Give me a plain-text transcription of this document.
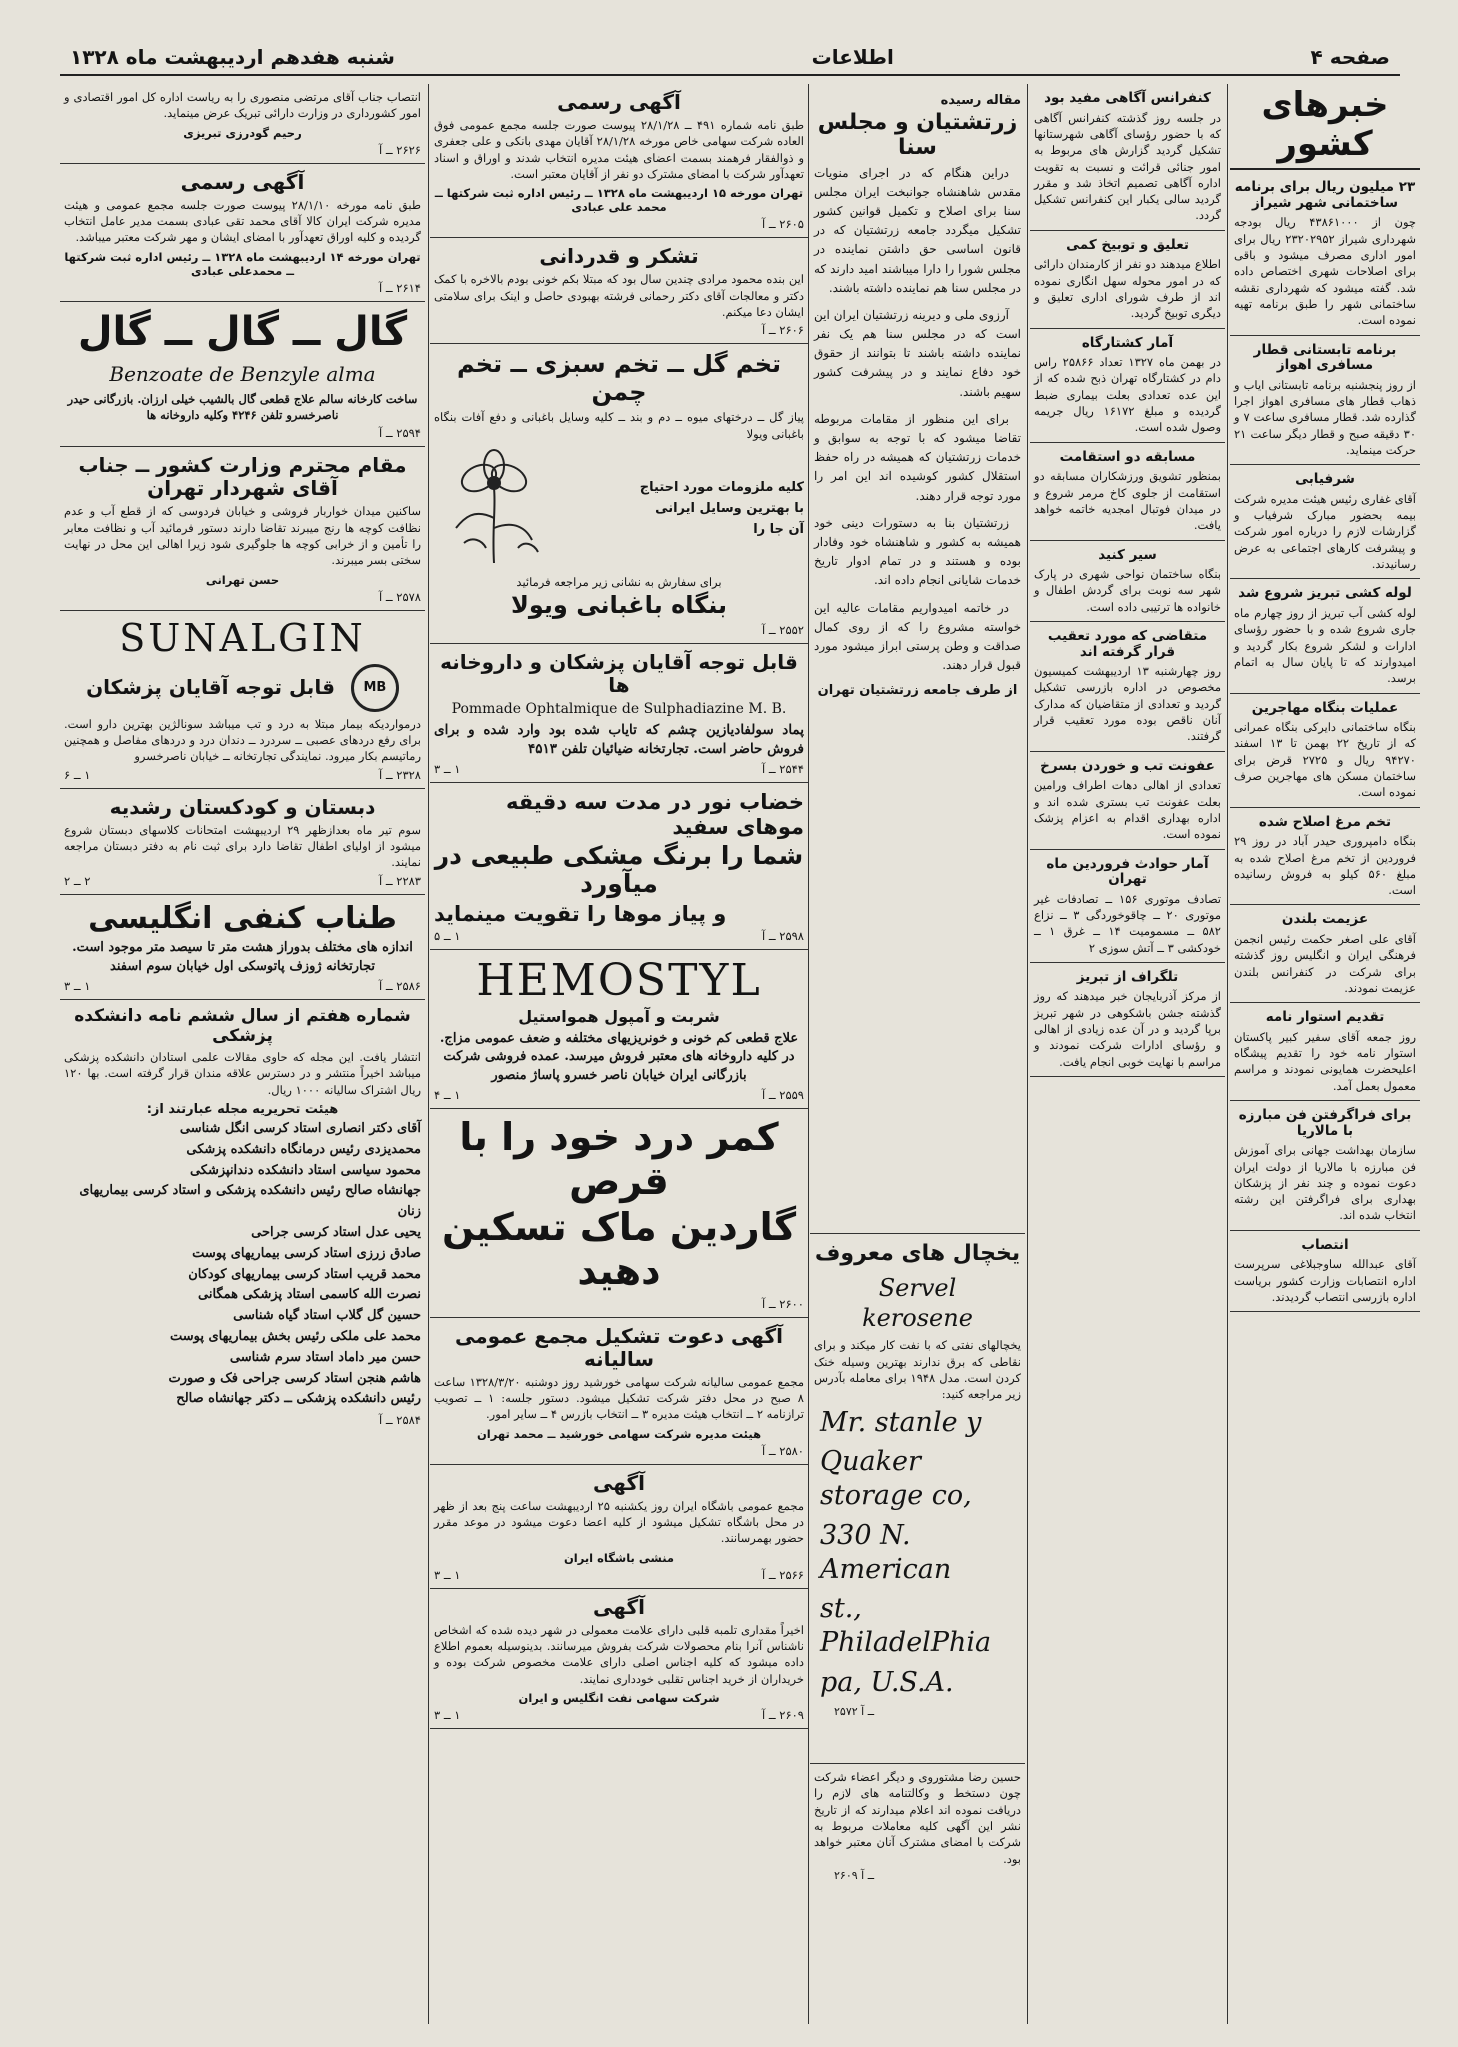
صفحه ۴
اطلاعات
شنبه هفدهم اردیبهشت ماه ۱۳۲۸
خبرهای کشور
۲۳ میلیون ریال برای برنامه ساختمانی شهر شیراز
چون از ۴۳۸۶۱۰۰۰ ریال بودجه شهرداری شیراز ۲۳۲۰۲۹۵۲ ریال برای امور اداری مصرف میشود و باقی برای اصلاحات شهری اختصاص داده شد. گفته میشود که شهرداری نقشه ساختمانی شهر را طبق برنامه تهیه نموده است.
برنامه تابستانی قطار مسافری اهواز
از روز پنجشنبه برنامه تابستانی ایاب و ذهاب قطار های مسافری اهواز اجرا گذارده شد. قطار مسافری ساعت ۷ و ۳۰ دقیقه صبح و قطار دیگر ساعت ۲۱ حرکت مینماید.
شرفیابی
آقای غفاری رئیس هیئت مدیره شرکت بیمه بحضور مبارک شرفیاب و گزارشات لازم را درباره امور شرکت و پیشرفت کارهای اجتماعی به عرض رسانیدند.
لوله کشی تبریز شروع شد
لوله کشی آب تبریز از روز چهارم ماه جاری شروع شده و با حضور رؤسای ادارات و لشکر شروع بکار گردید و امیدوارند که تا پایان سال به اتمام برسد.
عملیات بنگاه مهاجرین
بنگاه ساختمانی دایرکی بنگاه عمرانی که از تاریخ ۲۲ بهمن تا ۱۳ اسفند ۹۴۲۷۰ ریال و ۲۷۲۵ قرض برای ساختمان مسکن های مهاجرین صرف نموده است.
تخم مرغ اصلاح شده
بنگاه دامپروری حیدر آباد در روز ۲۹ فروردین از تخم مرغ اصلاح شده به مبلغ ۵۶۰ کیلو به فروش رسانیده است.
عزیمت بلندن
آقای علی اصغر حکمت رئیس انجمن فرهنگی ایران و انگلیس روز گذشته برای شرکت در کنفرانس بلندن عزیمت نمودند.
تقدیم استوار نامه
روز جمعه آقای سفیر کبیر پاکستان استوار نامه خود را تقدیم پیشگاه اعلیحضرت همایونی نمودند و مراسم معمول بعمل آمد.
برای فراگرفتن فن مبارزه با مالاریا
سازمان بهداشت جهانی برای آموزش فن مبارزه با مالاریا از دولت ایران دعوت نموده و چند نفر از پزشکان بهداری برای فراگرفتن این رشته انتخاب شده اند.
انتصاب
آقای عبدالله ساوجبلاغی سرپرست اداره انتصابات وزارت کشور بریاست اداره بازرسی انتصاب گردیدند.
کنفرانس آگاهی مفید بود
در جلسه روز گذشته کنفرانس آگاهی که با حضور رؤسای آگاهی شهرستانها تشکیل گردید گزارش های مربوط به امور جنائی قرائت و نسبت به تقویت اداره آگاهی تصمیم اتخاذ شد و مقرر گردید سالی یکبار این کنفرانس تشکیل گردد.
تعلیق و توبیخ کمی
اطلاع میدهند دو نفر از کارمندان دارائی که در امور محوله سهل انگاری نموده اند از طرف شورای اداری تعلیق و دیگری توبیخ گردید.
آمار کشتارگاه
در بهمن ماه ۱۳۲۷ تعداد ۲۵۸۶۶ راس دام در کشتارگاه تهران ذبح شده که از این عده تعدادی بعلت بیماری ضبط گردیده و مبلغ ۱۶۱۷۲ ریال جریمه وصول شده است.
مسابقه دو استقامت
بمنظور تشویق ورزشکاران مسابقه دو استقامت از جلوی کاخ مرمر شروع و در میدان فوتبال امجدیه خاتمه خواهد یافت.
سیر کنید
بنگاه ساختمان نواحی شهری در پارک شهر سه نوبت برای گردش اطفال و خانواده ها ترتیبی داده است.
متقاضی که مورد تعقیب قرار گرفته اند
روز چهارشنبه ۱۳ اردیبهشت کمیسیون مخصوص در اداره بازرسی تشکیل گردید و تعدادی از متقاضیان که مدارک آنان ناقص بوده مورد تعقیب قرار گرفتند.
عفونت تب و خوردن بسرخ
تعدادی از اهالی دهات اطراف ورامین بعلت عفونت تب بستری شده اند و اداره بهداری اقدام به اعزام پزشک نموده است.
آمار حوادث فروردین ماه تهران
تصادف موتوری ۱۵۶ ــ تصادفات غیر موتوری ۲۰ ــ چاقوخوردگی ۳ ــ نزاع ۵۸۲ ــ مسمومیت ۱۴ ــ غرق ۱ ــ خودکشی ۳ ــ آتش سوزی ۲
تلگراف از تبریز
از مرکز آذربایجان خبر میدهند که روز گذشته جشن باشکوهی در شهر تبریز برپا گردید و در آن عده زیادی از اهالی و رؤسای ادارات شرکت نمودند و مراسم با نهایت خوبی انجام یافت.
مقاله رسیده
زرتشتیان و مجلس سنا

دراین هنگام که در اجرای منویات مقدس شاهنشاه جوانبخت ایران مجلس سنا برای اصلاح و تکمیل قوانین کشور تشکیل میگردد جامعه زرتشتیان که در قانون اساسی حق داشتن نماینده در مجلس شورا را دارا میباشند امید دارند که در مجلس سنا هم نماینده داشته باشند.

آرزوی ملی و دیرینه زرتشتیان ایران این است که در مجلس سنا هم یک نفر نماینده داشته باشند تا بتوانند از حقوق خود دفاع نمایند و در پیشرفت کشور سهیم باشند.

برای این منظور از مقامات مربوطه تقاضا میشود که با توجه به سوابق و خدمات زرتشتیان که همیشه در راه حفظ استقلال کشور کوشیده اند این امر را مورد توجه قرار دهند.

زرتشتیان بنا به دستورات دینی خود همیشه به کشور و شاهنشاه خود وفادار بوده و هستند و در تمام ادوار تاریخ خدمات شایانی انجام داده اند.

در خاتمه امیدواریم مقامات عالیه این خواسته مشروع را که از روی کمال صداقت و وطن پرستی ابراز میشود مورد قبول قرار دهند.

از طرف جامعه زرتشتیان تهران
یخچال های معروف
Servel kerosene
یخچالهای نفتی که با نفت کار میکند و برای نقاطی که برق ندارند بهترین وسیله خنک کردن است. مدل ۱۹۴۸ برای معامله بآدرس زیر مراجعه کنید:
Mr. stanle y
Quaker storage co,
330 N. American
st., PhiladelPhia
pa, U.S.A.
۲۵۷۲ ــ آ
حسین رضا مشتوروی و دیگر اعضاء شرکت چون دستخط و وکالتنامه های لازم را دریافت نموده اند اعلام میدارند که از تاریخ نشر این آگهی کلیه معاملات مربوط به شرکت با امضای مشترک آنان معتبر خواهد بود.
۲۶۰۹ ــ آ
آگهی رسمی
طبق نامه شماره ۴۹۱ ــ ۲۸/۱/۲۸ پیوست صورت جلسه مجمع عمومی فوق العاده شرکت سهامی خاص مورخه ۲۸/۱/۲۸ آقایان مهدی بانکی و علی جعفری و ذوالفقار فرهمند بسمت اعضای هیئت مدیره انتخاب شدند و اوراق و اسناد تعهدآور شرکت با امضای مشترک دو نفر از آقایان معتبر است.
تهران مورخه ۱۵ اردیبهشت ماه ۱۳۲۸ ــ رئیس اداره ثبت شرکتها ــ محمد علی عبادی
۲۶۰۵ ــ آ
تشکر و قدردانی
این بنده محمود مرادی چندین سال بود که مبتلا بکم خونی بودم بالاخره با کمک دکتر و معالجات آقای دکتر رحمانی فرشته بهبودی حاصل و اینک برای سلامتی ایشان دعا میکنم.
۲۶۰۶ ــ آ
تخم گل ــ تخم سبزی ــ تخم چمن
پیاز گل ــ درختهای میوه ــ دم و بند ــ کلیه وسایل باغبانی و دفع آفات بنگاه باغبانی ویولا
کلیه ملزومات مورد احتیاج
با بهترین وسایل ایرانی
آن جا را
برای سفارش به نشانی زیر مراجعه فرمائید
بنگاه باغبانی ویولا
۲۵۵۲ ــ آ
قابل توجه آقایان پزشکان و داروخانه ها
Pommade Ophtalmique de Sulphadiazine M. B.
پماد سولفادیازین چشم که تایاب شده بود وارد شده و برای فروش حاضر است. تجارتخانه ضیائیان تلفن ۴۵۱۳
۲۵۴۴ ــ آ
۱ ــ ۳
خضاب نور در مدت سه دقیقه موهای سفید
شما را برنگ مشکی طبیعی در میآورد
و پیاز موها را تقویت مینماید
۲۵۹۸ ــ آ
۱ ــ ۵
HEMOSTYL
شربت و آمپول همواستیل
علاج قطعی کم خونی و خونریزیهای مختلفه و ضعف عمومی مزاج. در کلیه داروخانه های معتبر فروش میرسد. عمده فروشی شرکت بازرگانی ایران خیابان ناصر خسرو پاساژ منصور
۲۵۵۹ ــ آ
۱ ــ ۴
کمر درد خود را با قرص
گاردین ماک تسکین دهید
۲۶۰۰ ــ آ
آگهی دعوت تشکیل مجمع عمومی سالیانه
مجمع عمومی سالیانه شرکت سهامی خورشید روز دوشنبه ۱۳۲۸/۳/۲۰ ساعت ۸ صبح در محل دفتر شرکت تشکیل میشود. دستور جلسه: ۱ ــ تصویب ترازنامه ۲ ــ انتخاب هیئت مدیره ۳ ــ انتخاب بازرس ۴ ــ سایر امور.
هیئت مدیره شرکت سهامی خورشید ــ محمد تهران
۲۵۸۰ ــ آ
آگهی
مجمع عمومی باشگاه ایران روز یکشنبه ۲۵ اردیبهشت ساعت پنج بعد از ظهر در محل باشگاه تشکیل میشود از کلیه اعضا دعوت میشود در موعد مقرر حضور بهمرسانند.
منشی باشگاه ایران
۲۵۶۶ ــ آ
۱ ــ ۳
آگهی
اخیراً مقداری تلمبه قلبی دارای علامت معمولی در شهر دیده شده که اشخاص ناشناس آنرا بنام محصولات شرکت بفروش میرسانند. بدینوسیله بعموم اطلاع داده میشود که کلیه اجناس اصلی دارای علامت مخصوص شرکت بوده و خریداران از خرید اجناس تقلبی خودداری نمایند.
شرکت سهامی نفت انگلیس و ایران
۲۶۰۹ ــ آ
۱ ــ ۳
انتصاب جناب آقای مرتضی منصوری را به ریاست اداره کل امور اقتصادی و امور کشورداری در وزارت دارائی تبریک عرض مینماید.
رحیم گودرزی تبریزی
۲۶۲۶ ــ آ
آگهی رسمی
طبق نامه مورخه ۲۸/۱/۱۰ پیوست صورت جلسه مجمع عمومی و هیئت مدیره شرکت ایران کالا آقای محمد تقی عبادی بسمت مدیر عامل انتخاب گردیده و کلیه اوراق تعهدآور با امضای ایشان و مهر شرکت معتبر میباشد.
تهران مورخه ۱۴ اردیبهشت ماه ۱۳۲۸ ــ رئیس اداره ثبت شرکتها ــ محمدعلی عبادی
۲۶۱۴ ــ آ
گال ــ گال ــ گال
Benzoate de Benzyle alma
ساخت کارخانه سالم علاج قطعی گال بالشیب خیلی ارزان. بازرگانی حیدر ناصرخسرو تلفن ۴۲۴۶ وکلیه داروخانه ها
۲۵۹۴ ــ آ
مقام محترم وزارت کشور ــ جناب آقای شهردار تهران
ساکنین میدان خواربار فروشی و خیابان فردوسی که از قطع آب و عدم نظافت کوچه ها رنج میبرند تقاضا دارند دستور فرمائید آب و نظافت معابر را تأمین و از خرابی کوچه ها جلوگیری شود زیرا اهالی این محل در نهایت سختی بسر میبرند.
حسن تهرانی
۲۵۷۸ ــ آ
SUNALGIN
MB
قابل توجه آقایان پزشکان
درمواردیکه بیمار مبتلا به درد و تب میباشد سونالژین بهترین دارو است. برای رفع دردهای عصبی ــ سردرد ــ دندان درد و دردهای مفاصل و همچنین رماتیسم بکار میرود. نمایندگی تجارتخانه ــ خیابان ناصرخسرو
۲۳۲۸ ــ آ
۱ ــ ۶
دبستان و کودکستان رشدیه
سوم تیر ماه بعدازظهر ۲۹ اردیبهشت امتحانات کلاسهای دبستان شروع میشود از اولیای اطفال تقاضا دارد برای ثبت نام به دفتر دبستان مراجعه نمایند.
۲۲۸۳ ــ آ
۲ ــ ۲
طناب کنفی انگلیسی
اندازه های مختلف بدوراز هشت متر تا سیصد متر موجود است. تجارتخانه ژوزف پاتوسکی اول خیابان سوم اسفند
۲۵۸۶ ــ آ
۱ ــ ۳
شماره هفتم از سال ششم نامه دانشکده پزشکی
انتشار یافت. این مجله که حاوی مقالات علمی استادان دانشکده پزشکی میباشد اخیراً منتشر و در دسترس علاقه مندان قرار گرفته است. بها ۱۲۰ ریال اشتراک سالیانه ۱۰۰۰ ریال.
هیئت تحریریه مجله عبارتند از:
آقای دکتر انصاری استاد کرسی انگل شناسی
محمدیزدی رئیس درمانگاه دانشکده پزشکی
محمود سیاسی استاد دانشکده دندانپزشکی
جهانشاه صالح رئیس دانشکده پزشکی و استاد کرسی بیماریهای زنان
یحیی عدل استاد کرسی جراحی
صادق زرزی استاد کرسی بیماریهای پوست
محمد قریب استاد کرسی بیماریهای کودکان
نصرت الله کاسمی استاد پزشکی همگانی
حسین گل گلاب استاد گیاه شناسی
محمد علی ملکی رئیس بخش بیماریهای پوست
حسن میر داماد استاد سرم شناسی
هاشم هنجن استاد کرسی جراحی فک و صورت
رئیس دانشکده پزشکی ــ دکتر جهانشاه صالح
۲۵۸۴ ــ آ
